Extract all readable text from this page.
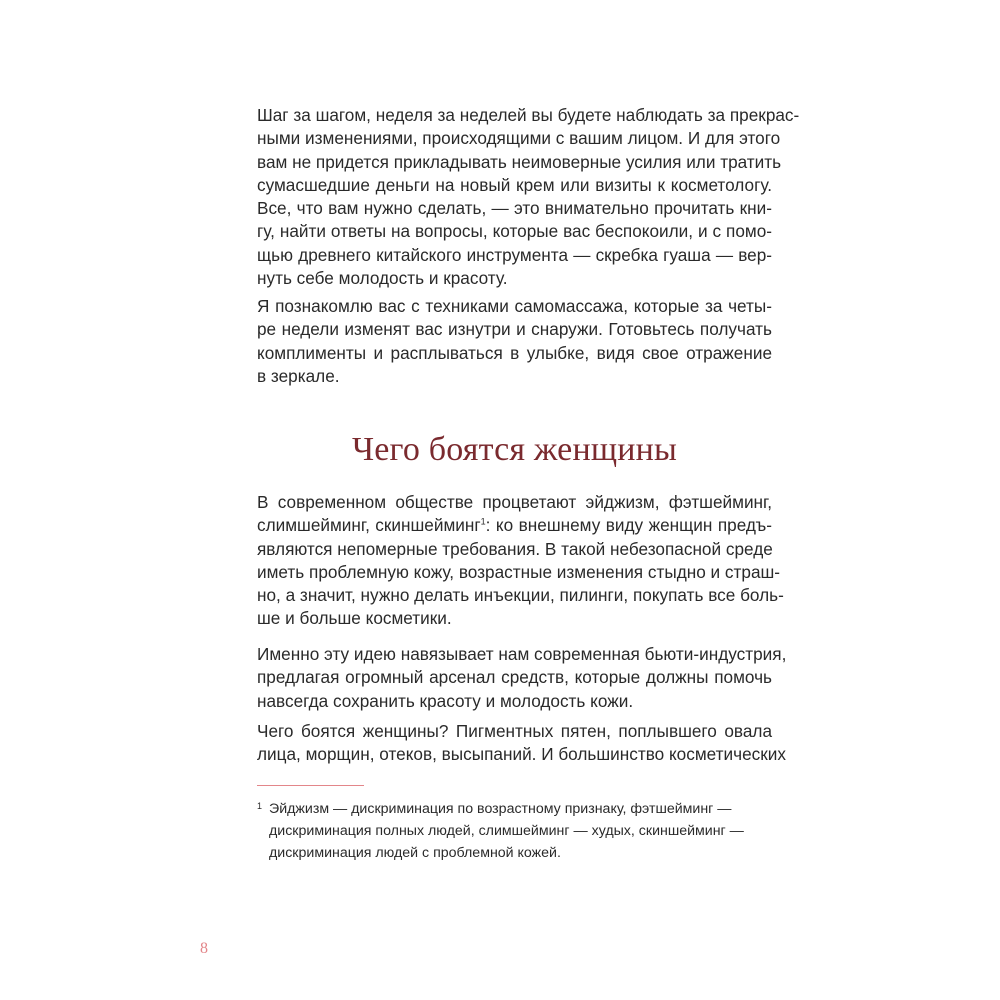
Шаг за шагом, неделя за неделей вы будете наблюдать за прекрас-
ными изменениями, происходящими с вашим лицом. И для этого
вам не придется прикладывать неимоверные усилия или тратить
сумасшедшие деньги на новый крем или визиты к косметологу.
Все, что вам нужно сделать, — это внимательно прочитать кни-
гу, найти ответы на вопросы, которые вас беспокоили, и с помо-
щью древнего китайского инструмента — скребка гуаша — вер-
нуть себе молодость и красоту.
Я познакомлю вас с техниками самомассажа, которые за четы-
ре недели изменят вас изнутри и снаружи. Готовьтесь получать
комплименты и расплываться в улыбке, видя свое отражение
в зеркале.
Чего боятся женщины
В современном обществе процветают эйджизм, фэтшейминг,
слимшейминг, скиншейминг$^1$: ко внешнему виду женщин предъ-
являются непомерные требования. В такой небезопасной среде
иметь проблемную кожу, возрастные изменения стыдно и страш-
но, а значит, нужно делать инъекции, пилинги, покупать все боль-
ше и больше косметики.
Именно эту идею навязывает нам современная бьюти-индустрия,
предлагая огромный арсенал средств, которые должны помочь
навсегда сохранить красоту и молодость кожи.
Чего боятся женщины? Пигментных пятен, поплывшего овала
лица, морщин, отеков, высыпаний. И большинство косметических
1 Эйджизм — дискриминация по возрастному признаку, фэтшейминг —
дискриминация полных людей, слимшейминг — худых, скиншейминг —
дискриминация людей с проблемной кожей.
8
